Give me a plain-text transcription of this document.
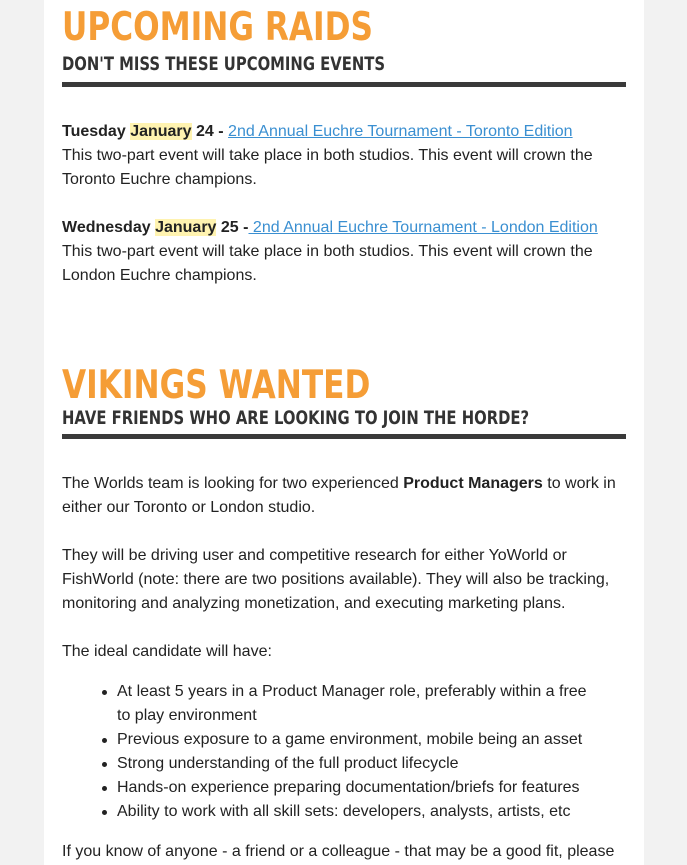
UPCOMING RAIDS
DON'T MISS THESE UPCOMING EVENTS
Tuesday January 24 - 2nd Annual Euchre Tournament - Toronto Edition
This two-part event will take place in both studios. This event will crown the Toronto Euchre champions.
Wednesday January 25 - 2nd Annual Euchre Tournament - London Edition
This two-part event will take place in both studios. This event will crown the London Euchre champions.
VIKINGS WANTED
HAVE FRIENDS WHO ARE LOOKING TO JOIN THE HORDE?
The Worlds team is looking for two experienced Product Managers to work in either our Toronto or London studio.
They will be driving user and competitive research for either YoWorld or FishWorld (note: there are two positions available). They will also be tracking, monitoring and analyzing monetization, and executing marketing plans.
The ideal candidate will have:
At least 5 years in a Product Manager role, preferably within a free to play environment
Previous exposure to a game environment, mobile being an asset
Strong understanding of the full product lifecycle
Hands-on experience preparing documentation/briefs for features
Ability to work with all skill sets: developers, analysts, artists, etc
If you know of anyone - a friend or a colleague - that may be a good fit, please
